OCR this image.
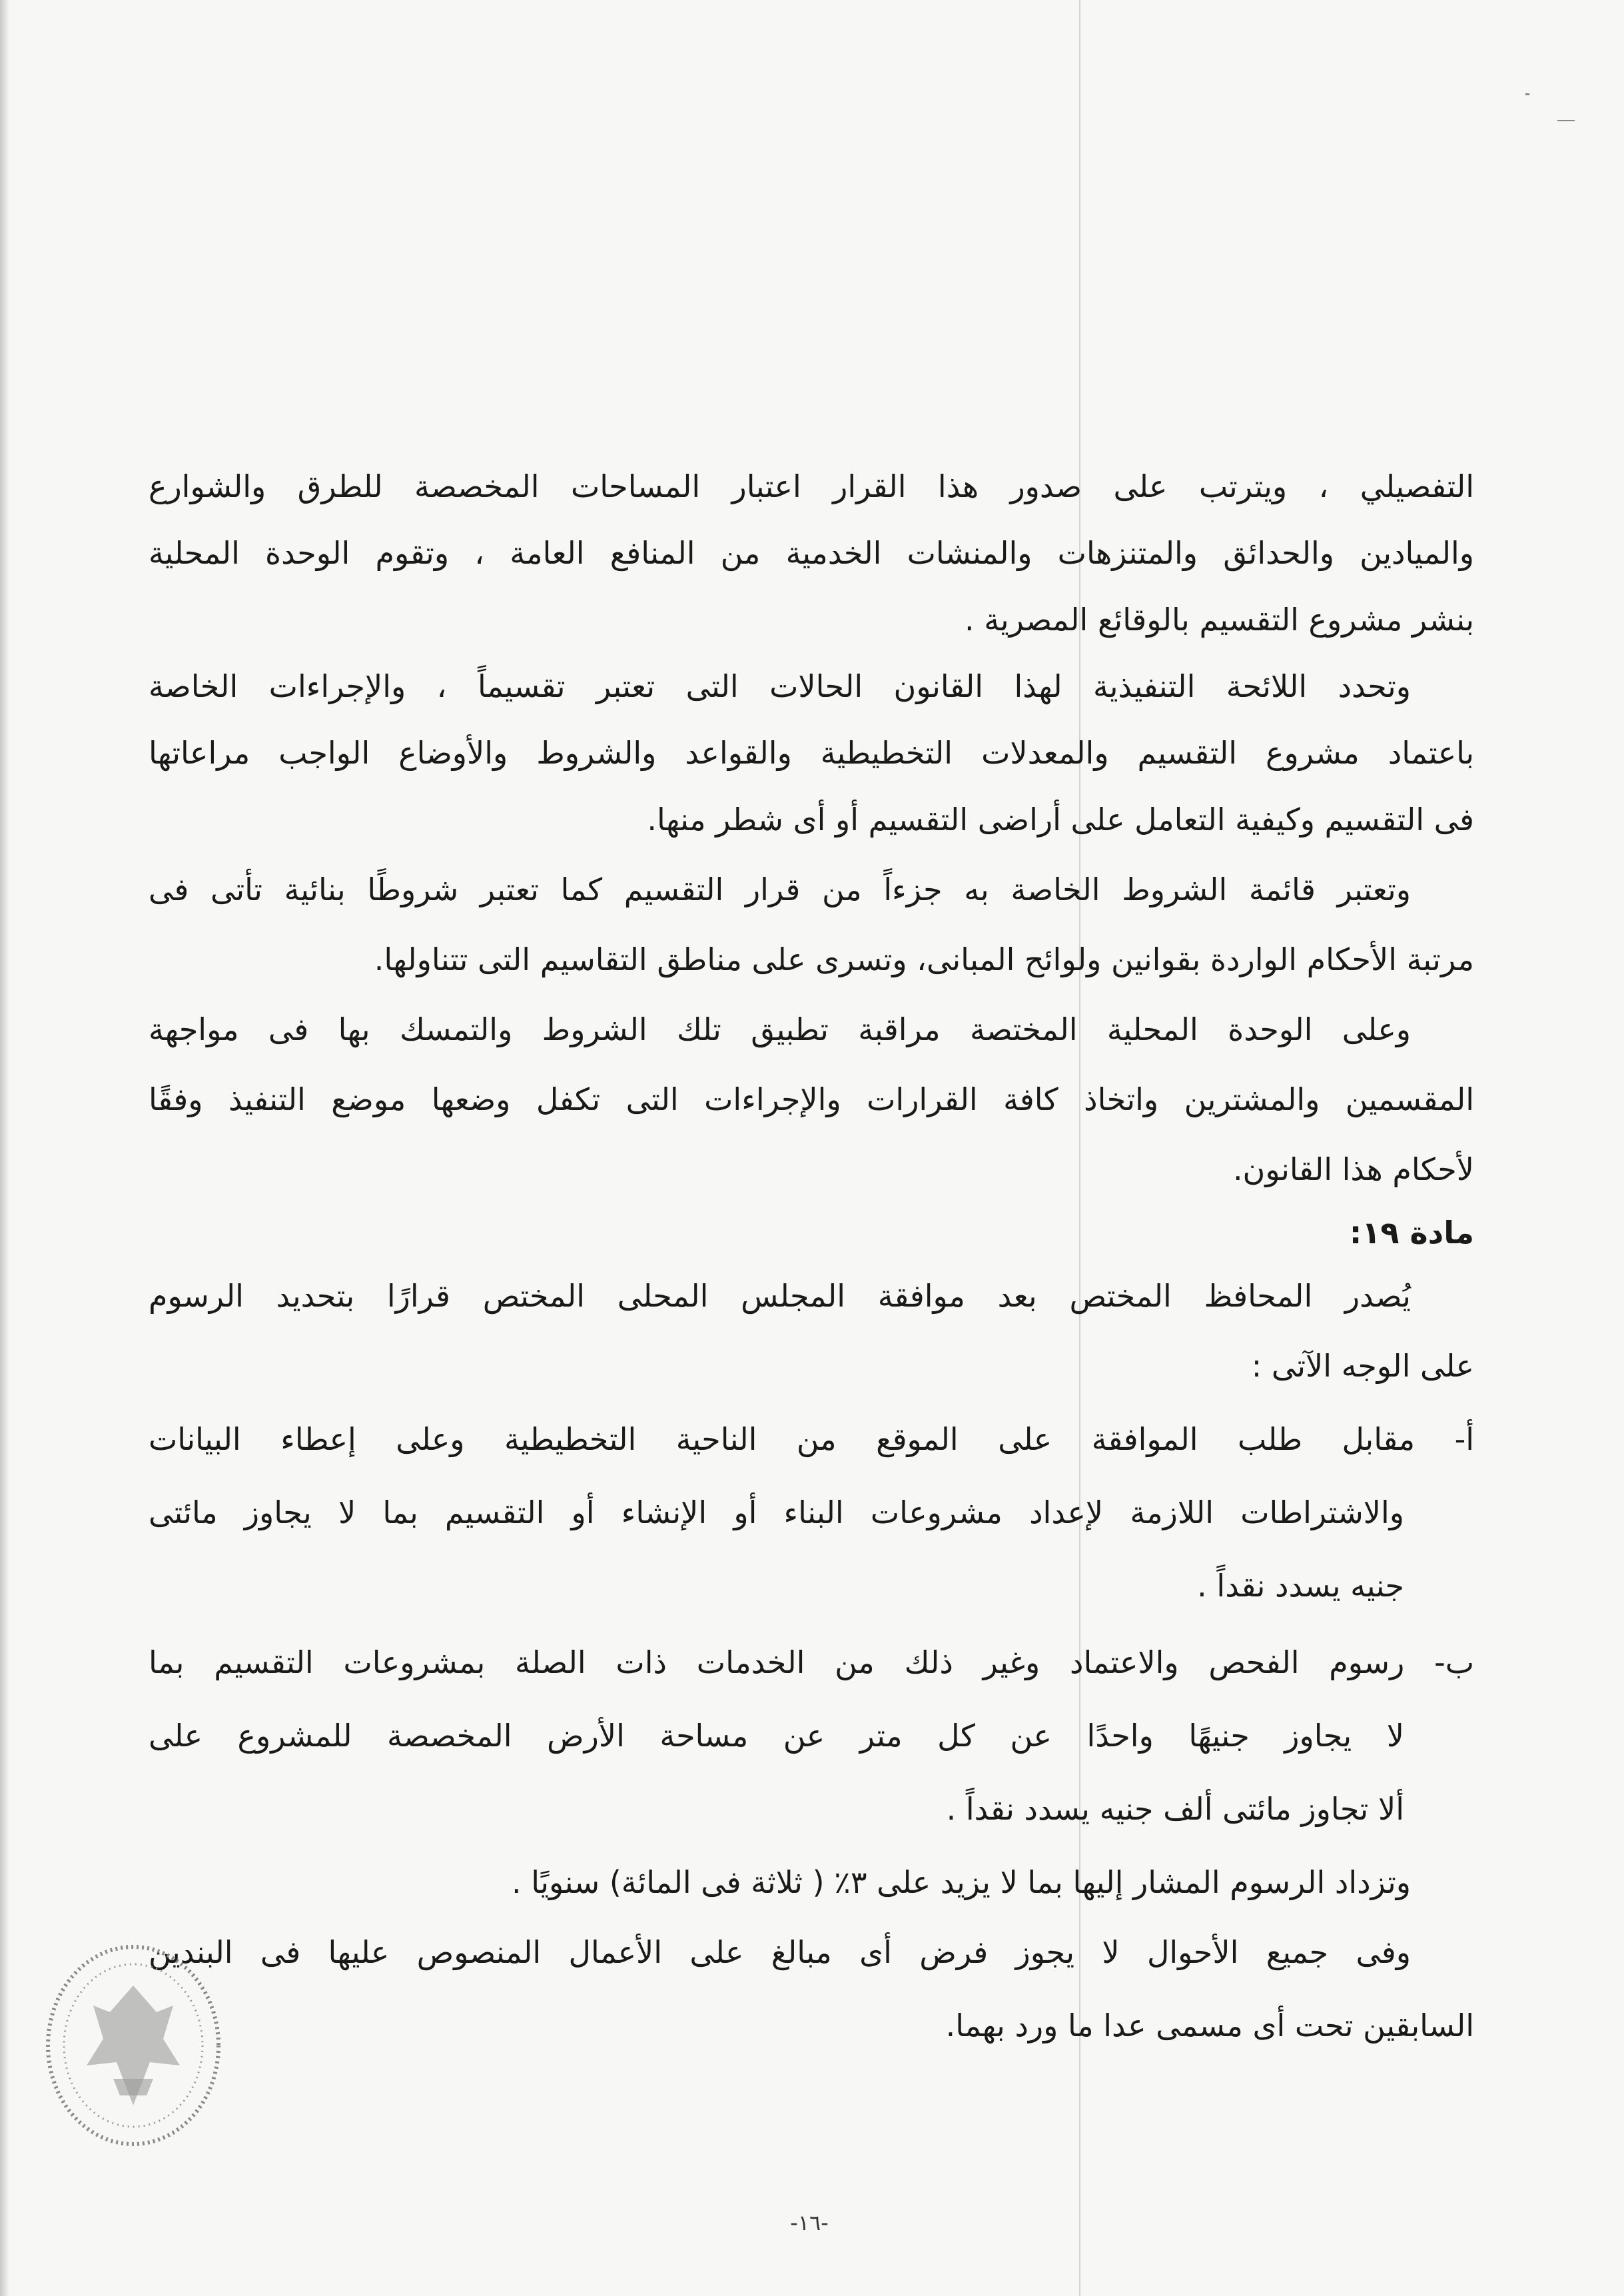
التفصيلي ، ويترتب على صدور هذا القرار اعتبار المساحات المخصصة للطرق والشوارع
والميادين والحدائق والمتنزهات والمنشات الخدمية من المنافع العامة ، وتقوم الوحدة المحلية
بنشر مشروع التقسيم بالوقائع المصرية .
وتحدد اللائحة التنفيذية لهذا القانون الحالات التى تعتبر تقسيماً ، والإجراءات الخاصة
باعتماد مشروع التقسيم والمعدلات التخطيطية والقواعد والشروط والأوضاع الواجب مراعاتها
فى التقسيم وكيفية التعامل على أراضى التقسيم أو أى شطر منها.
وتعتبر قائمة الشروط الخاصة به جزءاً من قرار التقسيم كما تعتبر شروطًا بنائية تأتى فى
مرتبة الأحكام الواردة بقوانين ولوائح المبانى، وتسرى على مناطق التقاسيم التى تتناولها.
وعلى الوحدة المحلية المختصة مراقبة تطبيق تلك الشروط والتمسك بها فى مواجهة
المقسمين والمشترين واتخاذ كافة القرارات والإجراءات التى تكفل وضعها موضع التنفيذ وفقًا
لأحكام هذا القانون.
مادة ١٩:
يُصدر المحافظ المختص بعد موافقة المجلس المحلى المختص قرارًا بتحديد الرسوم
على الوجه الآتى :
أ- مقابل طلب الموافقة على الموقع من الناحية التخطيطية وعلى إعطاء البيانات
والاشتراطات اللازمة لإعداد مشروعات البناء أو الإنشاء أو التقسيم بما لا يجاوز مائتى
جنيه يسدد نقداً .
ب- رسوم الفحص والاعتماد وغير ذلك من الخدمات ذات الصلة بمشروعات التقسيم بما
لا يجاوز جنيهًا واحدًا عن كل متر عن مساحة الأرض المخصصة للمشروع على
ألا تجاوز مائتى ألف جنيه يسدد نقداً .
وتزداد الرسوم المشار إليها بما لا يزيد على ٣٪ ( ثلاثة فى المائة) سنويًا .
وفى جميع الأحوال لا يجوز فرض أى مبالغ على الأعمال المنصوص عليها فى البندين
السابقين تحت أى مسمى عدا ما ورد بهما.
-١٦-
